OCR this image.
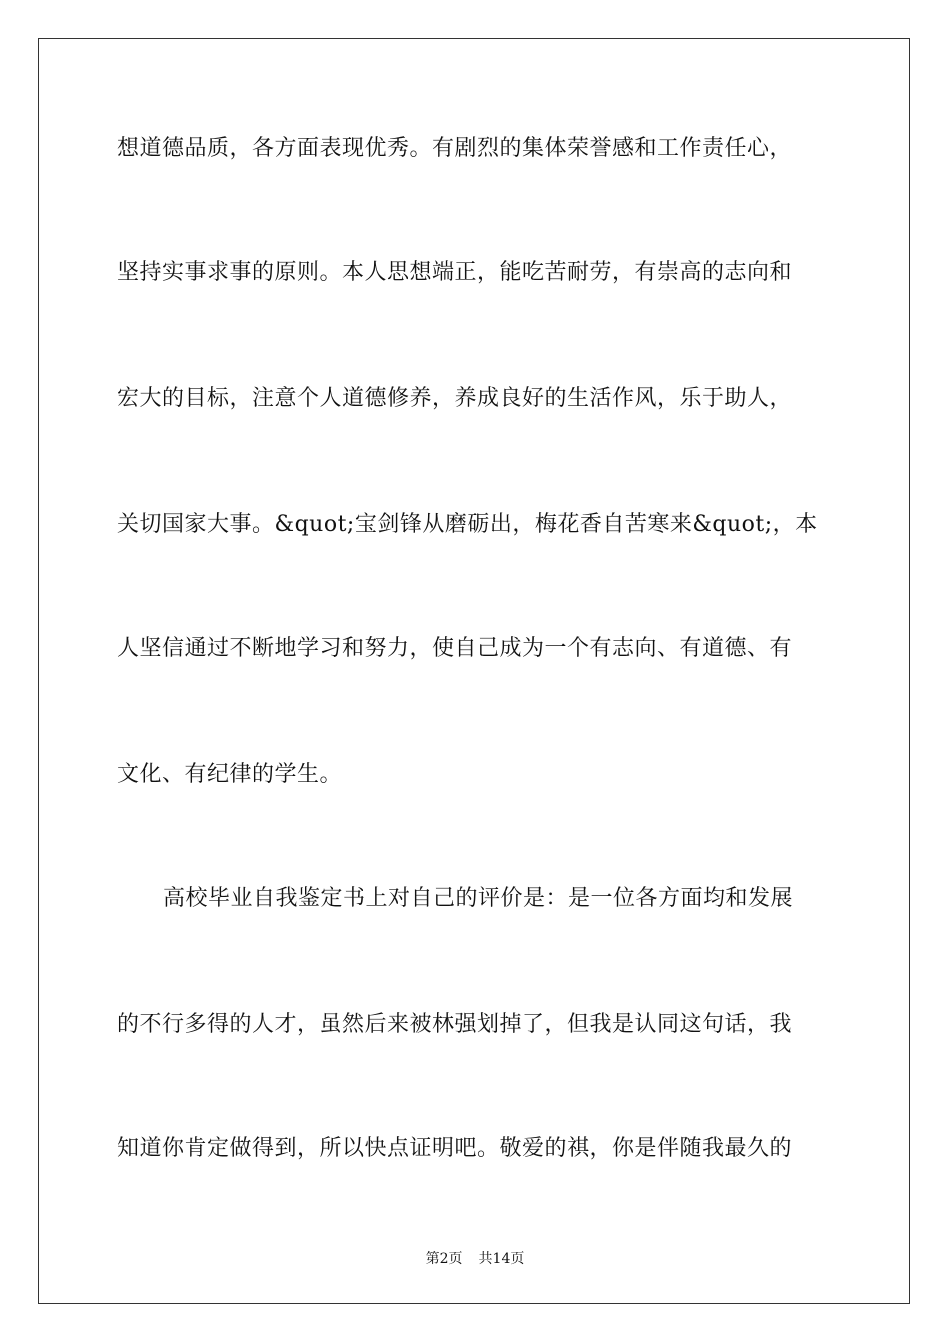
想道德品质，各方面表现优秀。有剧烈的集体荣誉感和工作责任心，
坚持实事求事的原则。本人思想端正，能吃苦耐劳，有崇高的志向和
宏大的目标，注意个人道德修养，养成良好的生活作风，乐于助人，
关切国家大事。&quot;宝剑锋从磨砺出，梅花香自苦寒来&quot;，本
人坚信通过不断地学习和努力，使自己成为一个有志向、有道德、有
文化、有纪律的学生。
高校毕业自我鉴定书上对自己的评价是：是一位各方面均和发展
的不行多得的人才，虽然后来被林强划掉了，但我是认同这句话，我
知道你肯定做得到，所以快点证明吧。敬爱的祺，你是伴随我最久的
第2页 共14页
